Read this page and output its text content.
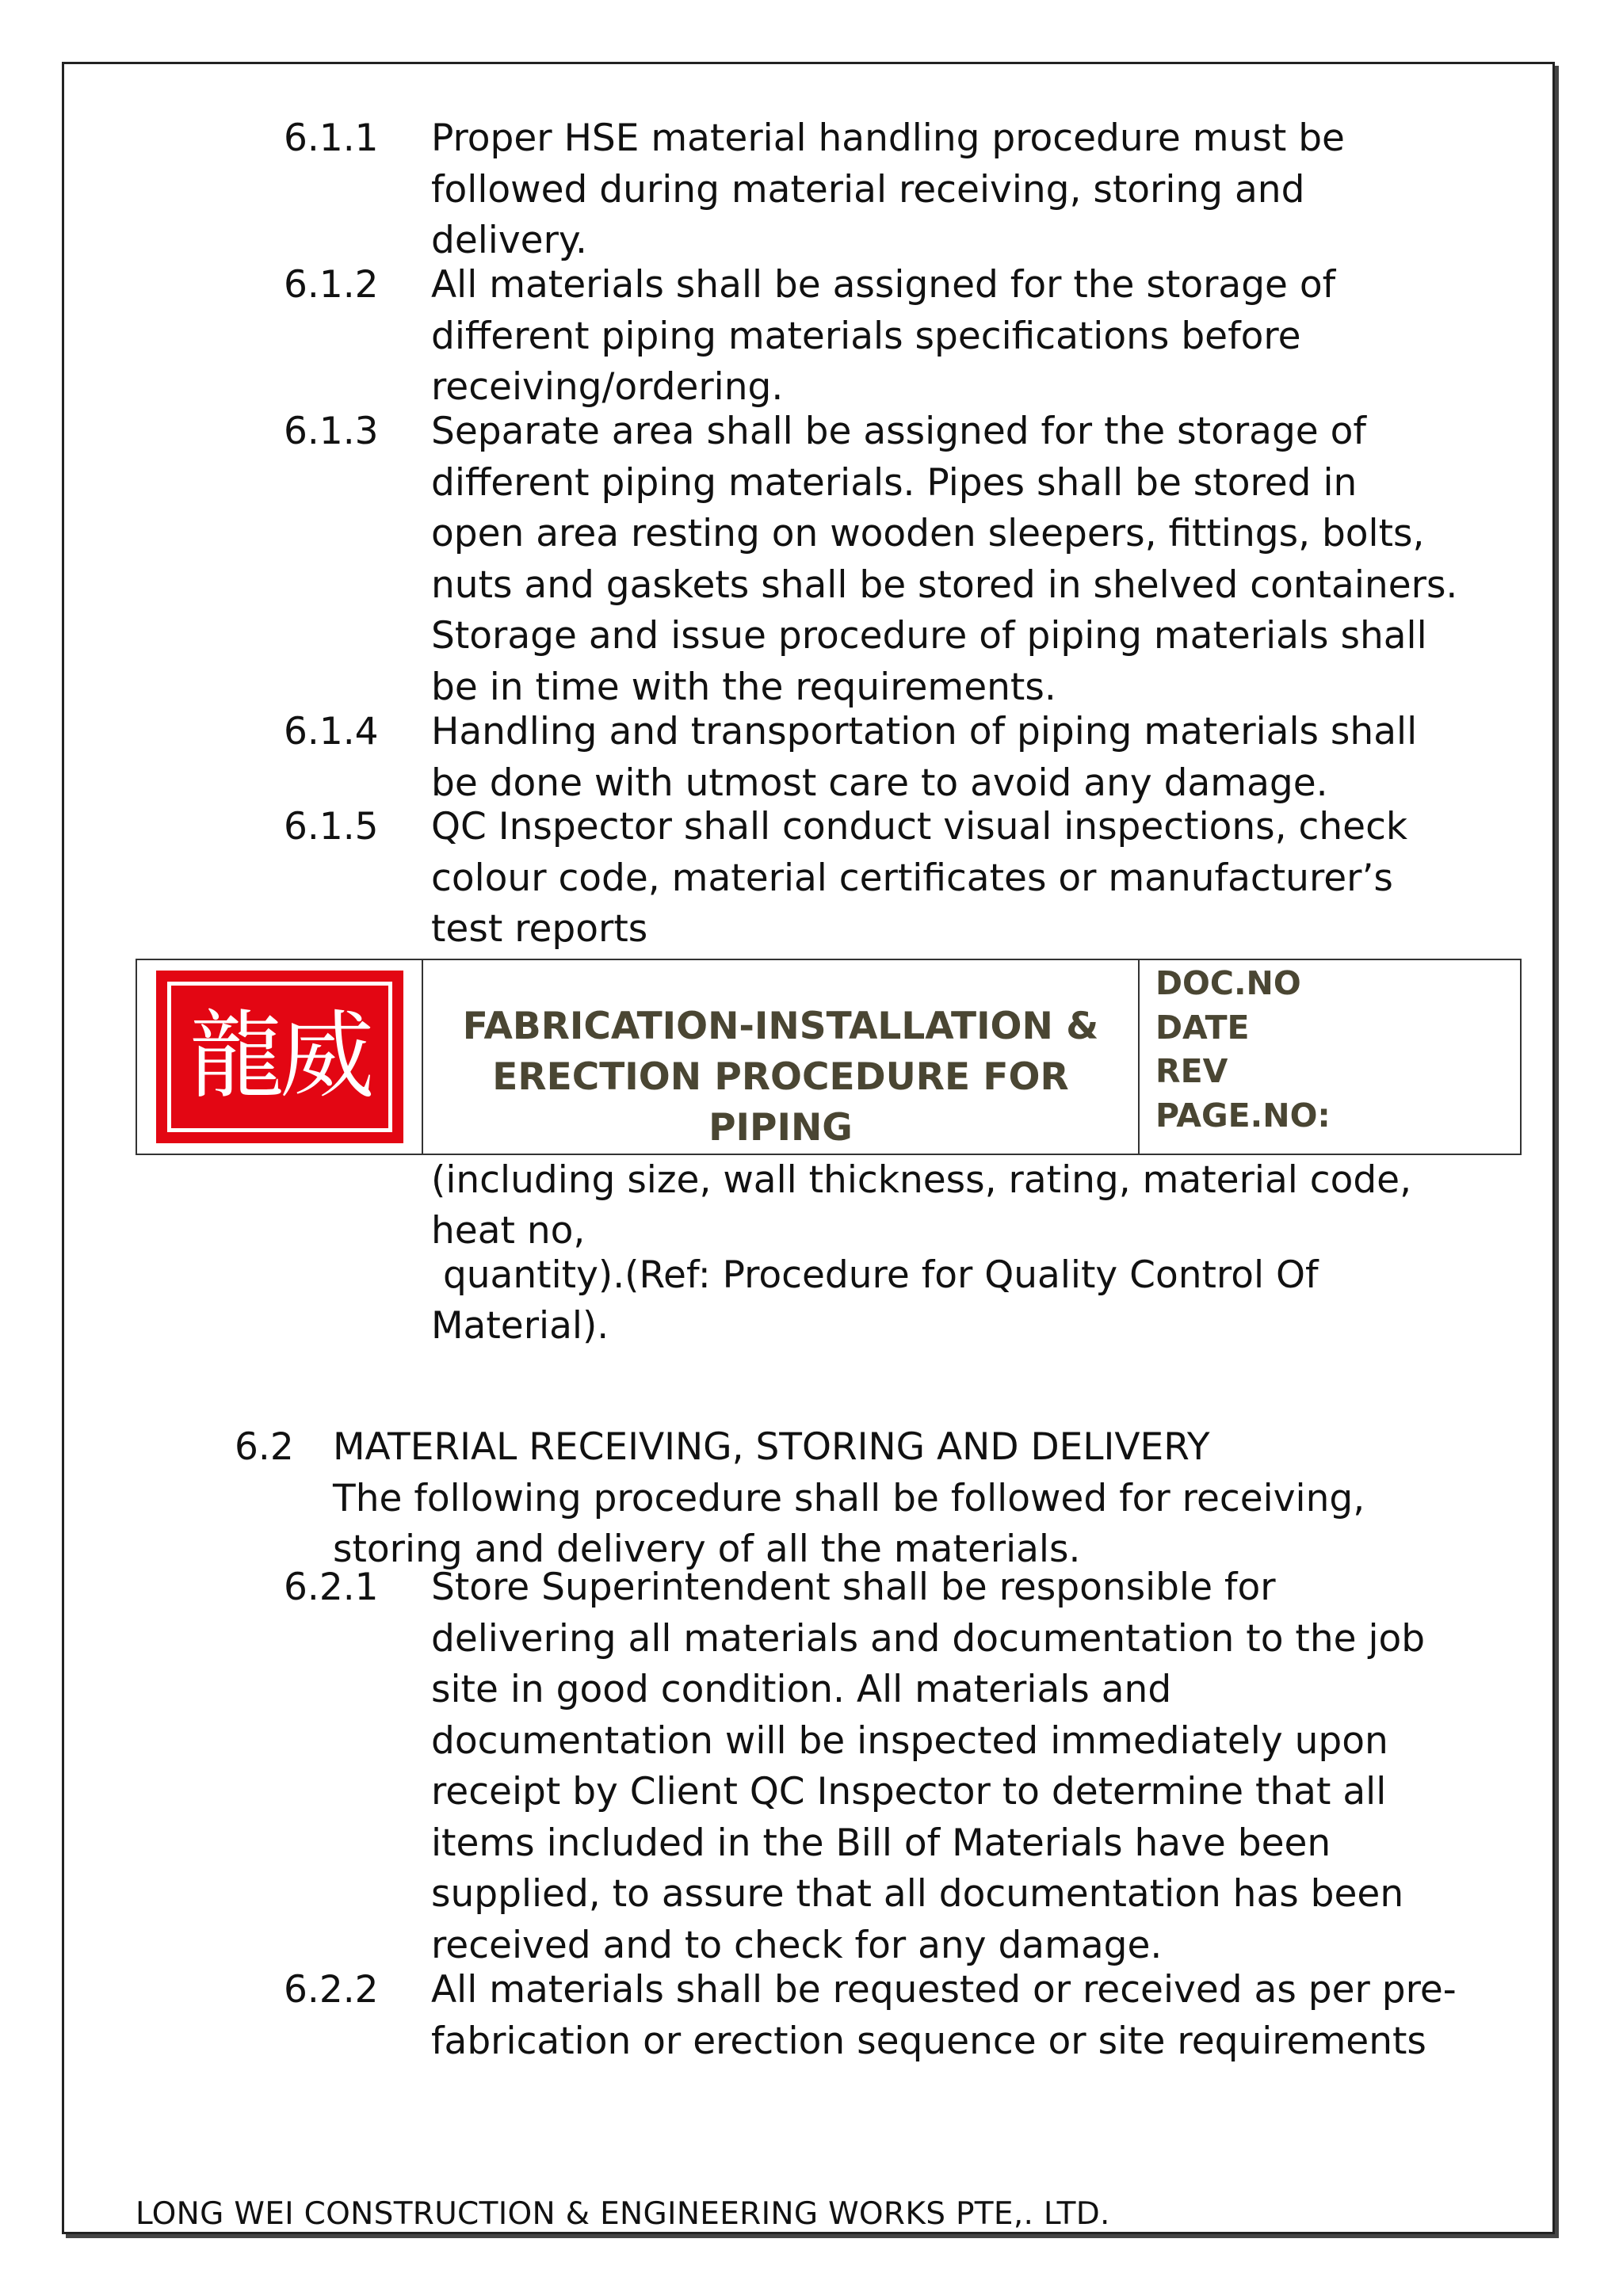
6.1.1 Proper HSE material handling procedure must be
followed during material receiving, storing and
delivery.
6.1.2 All materials shall be assigned for the storage of
different piping materials specifications before
receiving/ordering.
6.1.3 Separate area shall be assigned for the storage of
different piping materials. Pipes shall be stored in
open area resting on wooden sleepers, fittings, bolts,
nuts and gaskets shall be stored in shelved containers.
Storage and issue procedure of piping materials shall
be in time with the requirements.
6.1.4 Handling and transportation of piping materials shall
be done with utmost care to avoid any damage.
6.1.5 QC Inspector shall conduct visual inspections, check
colour code, material certificates or manufacturer’s
test reports
龍威 FABRICATION-INSTALLATION &
ERECTION PROCEDURE FOR
PIPING
DOC.NO
DATE
REV
PAGE.NO:
(including size, wall thickness, rating, material code,
heat no,
quantity).(Ref: Procedure for Quality Control Of
Material).
6.2 MATERIAL RECEIVING, STORING AND DELIVERY
The following procedure shall be followed for receiving,
storing and delivery of all the materials.
6.2.1 Store Superintendent shall be responsible for
delivering all materials and documentation to the job
site in good condition. All materials and
documentation will be inspected immediately upon
receipt by Client QC Inspector to determine that all
items included in the Bill of Materials have been
supplied, to assure that all documentation has been
received and to check for any damage.
6.2.2 All materials shall be requested or received as per pre-
fabrication or erection sequence or site requirements
LONG WEI CONSTRUCTION & ENGINEERING WORKS PTE,. LTD.
